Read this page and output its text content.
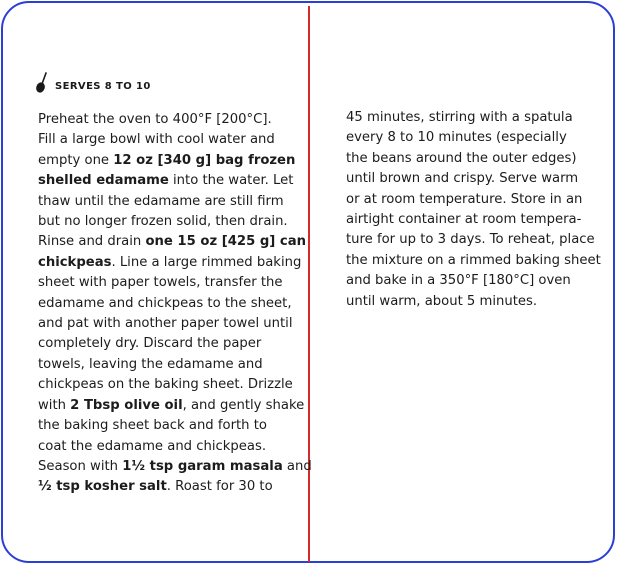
SERVES 8 TO 10
Preheat the oven to 400°F [200°C].
Fill a large bowl with cool water and
empty one 12 oz [340 g] bag frozen
shelled edamame into the water. Let
thaw until the edamame are still firm
but no longer frozen solid, then drain.
Rinse and drain one 15 oz [425 g] can
chickpeas. Line a large rimmed baking
sheet with paper towels, transfer the
edamame and chickpeas to the sheet,
and pat with another paper towel until
completely dry. Discard the paper
towels, leaving the edamame and
chickpeas on the baking sheet. Drizzle
with 2 Tbsp olive oil, and gently shake
the baking sheet back and forth to
coat the edamame and chickpeas.
Season with 1½ tsp garam masala and
½ tsp kosher salt. Roast for 30 to
45 minutes, stirring with a spatula
every 8 to 10 minutes (especially
the beans around the outer edges)
until brown and crispy. Serve warm
or at room temperature. Store in an
airtight container at room tempera-
ture for up to 3 days. To reheat, place
the mixture on a rimmed baking sheet
and bake in a 350°F [180°C] oven
until warm, about 5 minutes.
